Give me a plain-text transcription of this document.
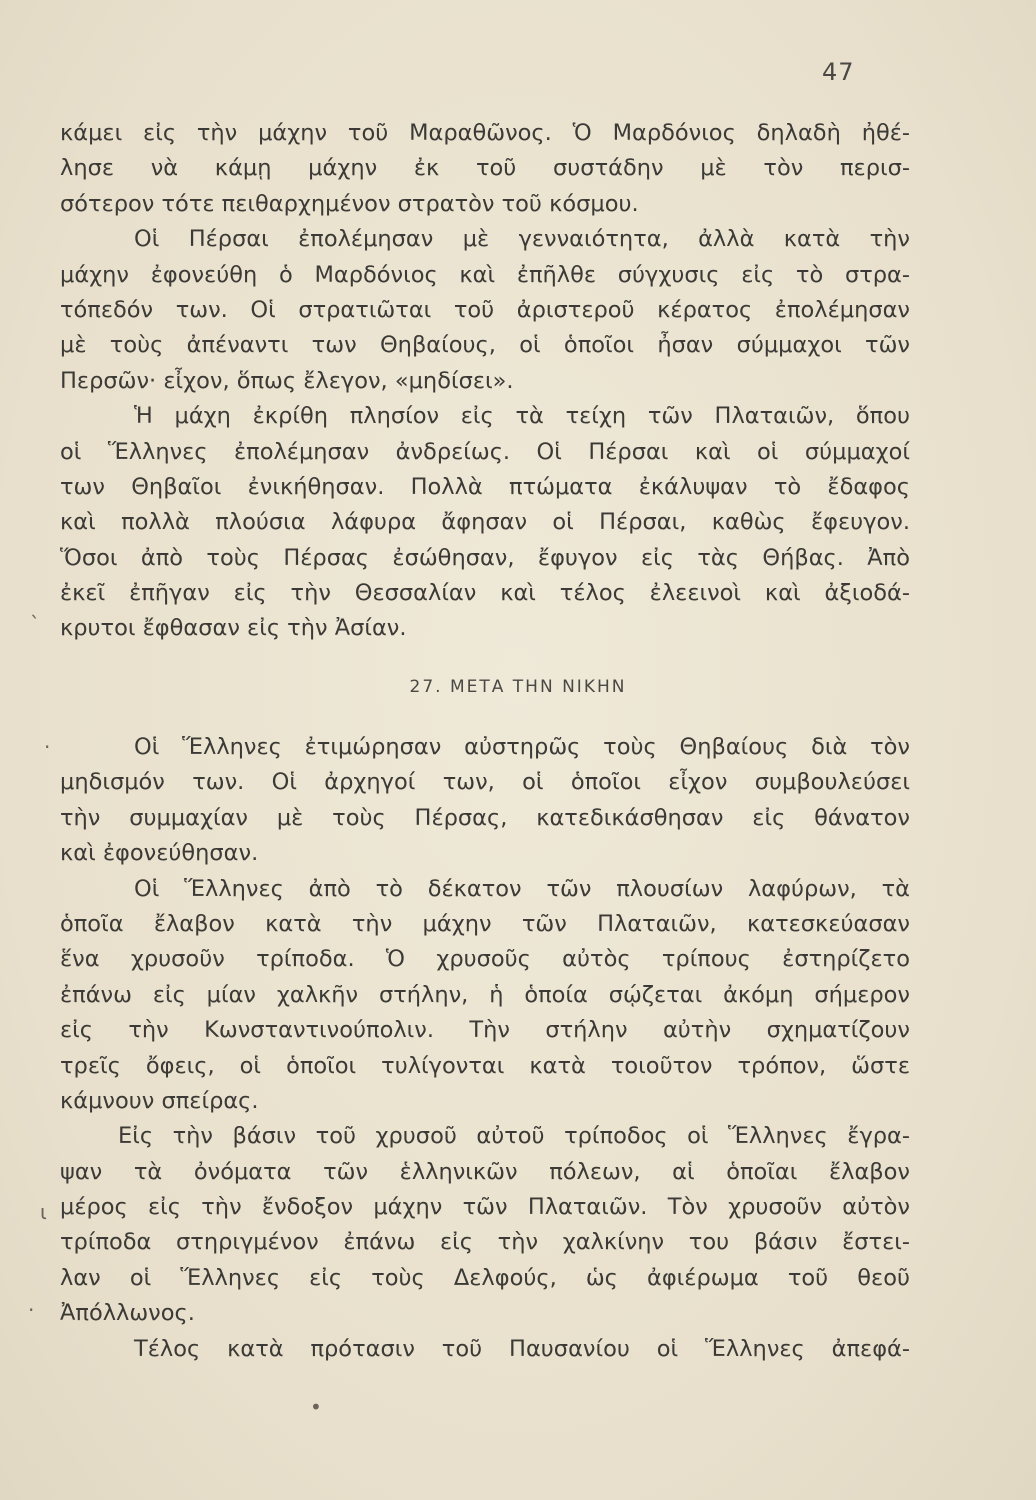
47
κάμει εἰς τὴν μάχην τοῦ Μαραθῶνος. Ὁ Μαρδόνιος δηλαδὴ ἠθέ-
λησε νὰ κάμῃ μάχην ἐκ τοῦ συστάδην μὲ τὸν περισ-
σότερον τότε πειθαρχημένον στρατὸν τοῦ κόσμου.
Οἱ Πέρσαι ἐπολέμησαν μὲ γενναιότητα, ἀλλὰ κατὰ τὴν
μάχην ἐφονεύθη ὁ Μαρδόνιος καὶ ἐπῆλθε σύγχυσις εἰς τὸ στρα-
τόπεδόν των. Οἱ στρατιῶται τοῦ ἀριστεροῦ κέρατος ἐπολέμησαν
μὲ τοὺς ἀπέναντι των Θηβαίους, οἱ ὁποῖοι ἦσαν σύμμαχοι τῶν
Περσῶν· εἶχον, ὅπως ἔλεγον, «μηδίσει».
Ἡ μάχη ἐκρίθη πλησίον εἰς τὰ τείχη τῶν Πλαταιῶν, ὅπου
οἱ Ἕλληνες ἐπολέμησαν ἀνδρείως. Οἱ Πέρσαι καὶ οἱ σύμμαχοί
των Θηβαῖοι ἐνικήθησαν. Πολλὰ πτώματα ἐκάλυψαν τὸ ἔδαφος
καὶ πολλὰ πλούσια λάφυρα ἄφησαν οἱ Πέρσαι, καθὼς ἔφευγον.
Ὅσοι ἀπὸ τοὺς Πέρσας ἐσώθησαν, ἔφυγον εἰς τὰς Θήβας. Ἀπὸ
ἐκεῖ ἐπῆγαν εἰς τὴν Θεσσαλίαν καὶ τέλος ἐλεεινοὶ καὶ ἀξιοδά-
κρυτοι ἔφθασαν εἰς τὴν Ἀσίαν.
27. ΜΕΤΑ ΤΗΝ ΝΙΚΗΝ
Οἱ Ἕλληνες ἐτιμώρησαν αὐστηρῶς τοὺς Θηβαίους διὰ τὸν
μηδισμόν των. Οἱ ἀρχηγοί των, οἱ ὁποῖοι εἶχον συμβουλεύσει
τὴν συμμαχίαν μὲ τοὺς Πέρσας, κατεδικάσθησαν εἰς θάνατον
καὶ ἐφονεύθησαν.
Οἱ Ἕλληνες ἀπὸ τὸ δέκατον τῶν πλουσίων λαφύρων, τὰ
ὁποῖα ἔλαβον κατὰ τὴν μάχην τῶν Πλαταιῶν, κατεσκεύασαν
ἕνα χρυσοῦν τρίποδα. Ὁ χρυσοῦς αὐτὸς τρίπους ἐστηρίζετο
ἐπάνω εἰς μίαν χαλκῆν στήλην, ἡ ὁποία σῴζεται ἀκόμη σήμερον
εἰς τὴν Κωνσταντινούπολιν. Τὴν στήλην αὐτὴν σχηματίζουν
τρεῖς ὄφεις, οἱ ὁποῖοι τυλίγονται κατὰ τοιοῦτον τρόπον, ὥστε
κάμνουν σπείρας.
Εἰς τὴν βάσιν τοῦ χρυσοῦ αὐτοῦ τρίποδος οἱ Ἕλληνες ἔγρα-
ψαν τὰ ὀνόματα τῶν ἑλληνικῶν πόλεων, αἱ ὁποῖαι ἔλαβον
μέρος εἰς τὴν ἔνδοξον μάχην τῶν Πλαταιῶν. Τὸν χρυσοῦν αὐτὸν
τρίποδα στηριγμένον ἐπάνω εἰς τὴν χαλκίνην του βάσιν ἔστει-
λαν οἱ Ἕλληνες εἰς τοὺς Δελφούς, ὡς ἀφιέρωμα τοῦ θεοῦ
Ἀπόλλωνος.
Τέλος κατὰ πρότασιν τοῦ Παυσανίου οἱ Ἕλληνες ἀπεφά-
ˋ
·
ι
·
•
